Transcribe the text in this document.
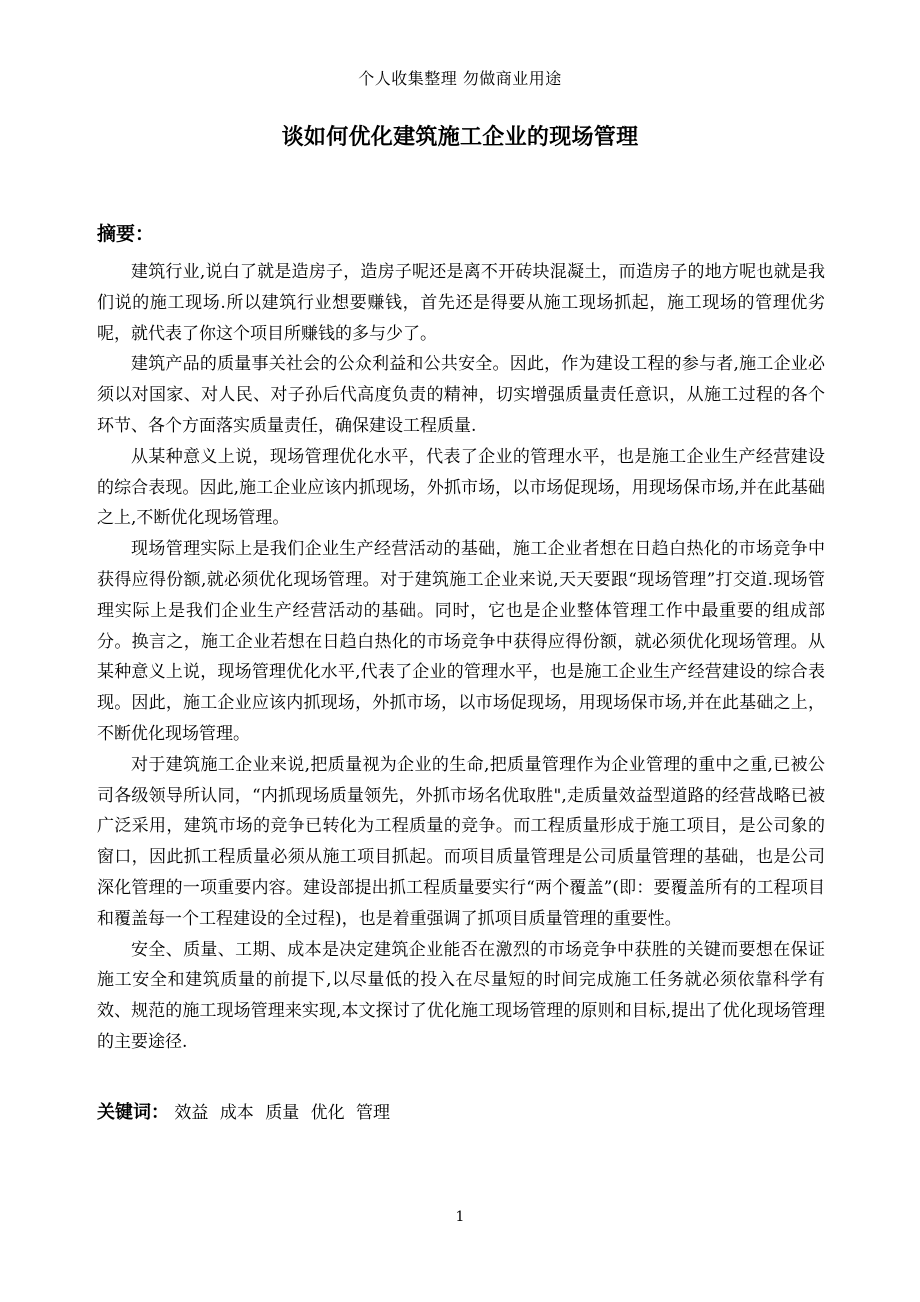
个人收集整理 勿做商业用途
谈如何优化建筑施工企业的现场管理
摘要：

建筑行业,说白了就是造房子，造房子呢还是离不开砖块混凝土，而造房子的地方呢也就是我们说的施工现场.所以建筑行业想要赚钱，首先还是得要从施工现场抓起，施工现场的管理优劣呢，就代表了你这个项目所赚钱的多与少了。

建筑产品的质量事关社会的公众利益和公共安全。因此，作为建设工程的参与者,施工企业必须以对国家、对人民、对子孙后代高度负责的精神，切实增强质量责任意识，从施工过程的各个环节、各个方面落实质量责任，确保建设工程质量.

从某种意义上说，现场管理优化水平，代表了企业的管理水平，也是施工企业生产经营建设的综合表现。因此,施工企业应该内抓现场，外抓市场，以市场促现场，用现场保市场,并在此基础之上,不断优化现场管理。

现场管理实际上是我们企业生产经营活动的基础，施工企业者想在日趋白热化的市场竞争中获得应得份额,就必须优化现场管理。对于建筑施工企业来说,天天要跟“现场管理”打交道.现场管理实际上是我们企业生产经营活动的基础。同时，它也是企业整体管理工作中最重要的组成部分。换言之，施工企业若想在日趋白热化的市场竞争中获得应得份额，就必须优化现场管理。从某种意义上说，现场管理优化水平,代表了企业的管理水平，也是施工企业生产经营建设的综合表现。因此，施工企业应该内抓现场，外抓市场，以市场促现场，用现场保市场,并在此基础之上，不断优化现场管理。

对于建筑施工企业来说,把质量视为企业的生命,把质量管理作为企业管理的重中之重,已被公司各级领导所认同，“内抓现场质量领先，外抓市场名优取胜",走质量效益型道路的经营战略已被广泛采用，建筑市场的竞争已转化为工程质量的竞争。而工程质量形成于施工项目，是公司象的窗口，因此抓工程质量必须从施工项目抓起。而项目质量管理是公司质量管理的基础，也是公司深化管理的一项重要内容。建设部提出抓工程质量要实行“两个覆盖”(即：要覆盖所有的工程项目和覆盖每一个工程建设的全过程)，也是着重强调了抓项目质量管理的重要性。

安全、质量、工期、成本是决定建筑企业能否在激烈的市场竞争中获胜的关键而要想在保证施工安全和建筑质量的前提下,以尽量低的投入在尽量短的时间完成施工任务就必须依靠科学有效、规范的施工现场管理来实现,本文探讨了优化施工现场管理的原则和目标,提出了优化现场管理的主要途径.

关键词： 效益 成本 质量 优化 管理
1
